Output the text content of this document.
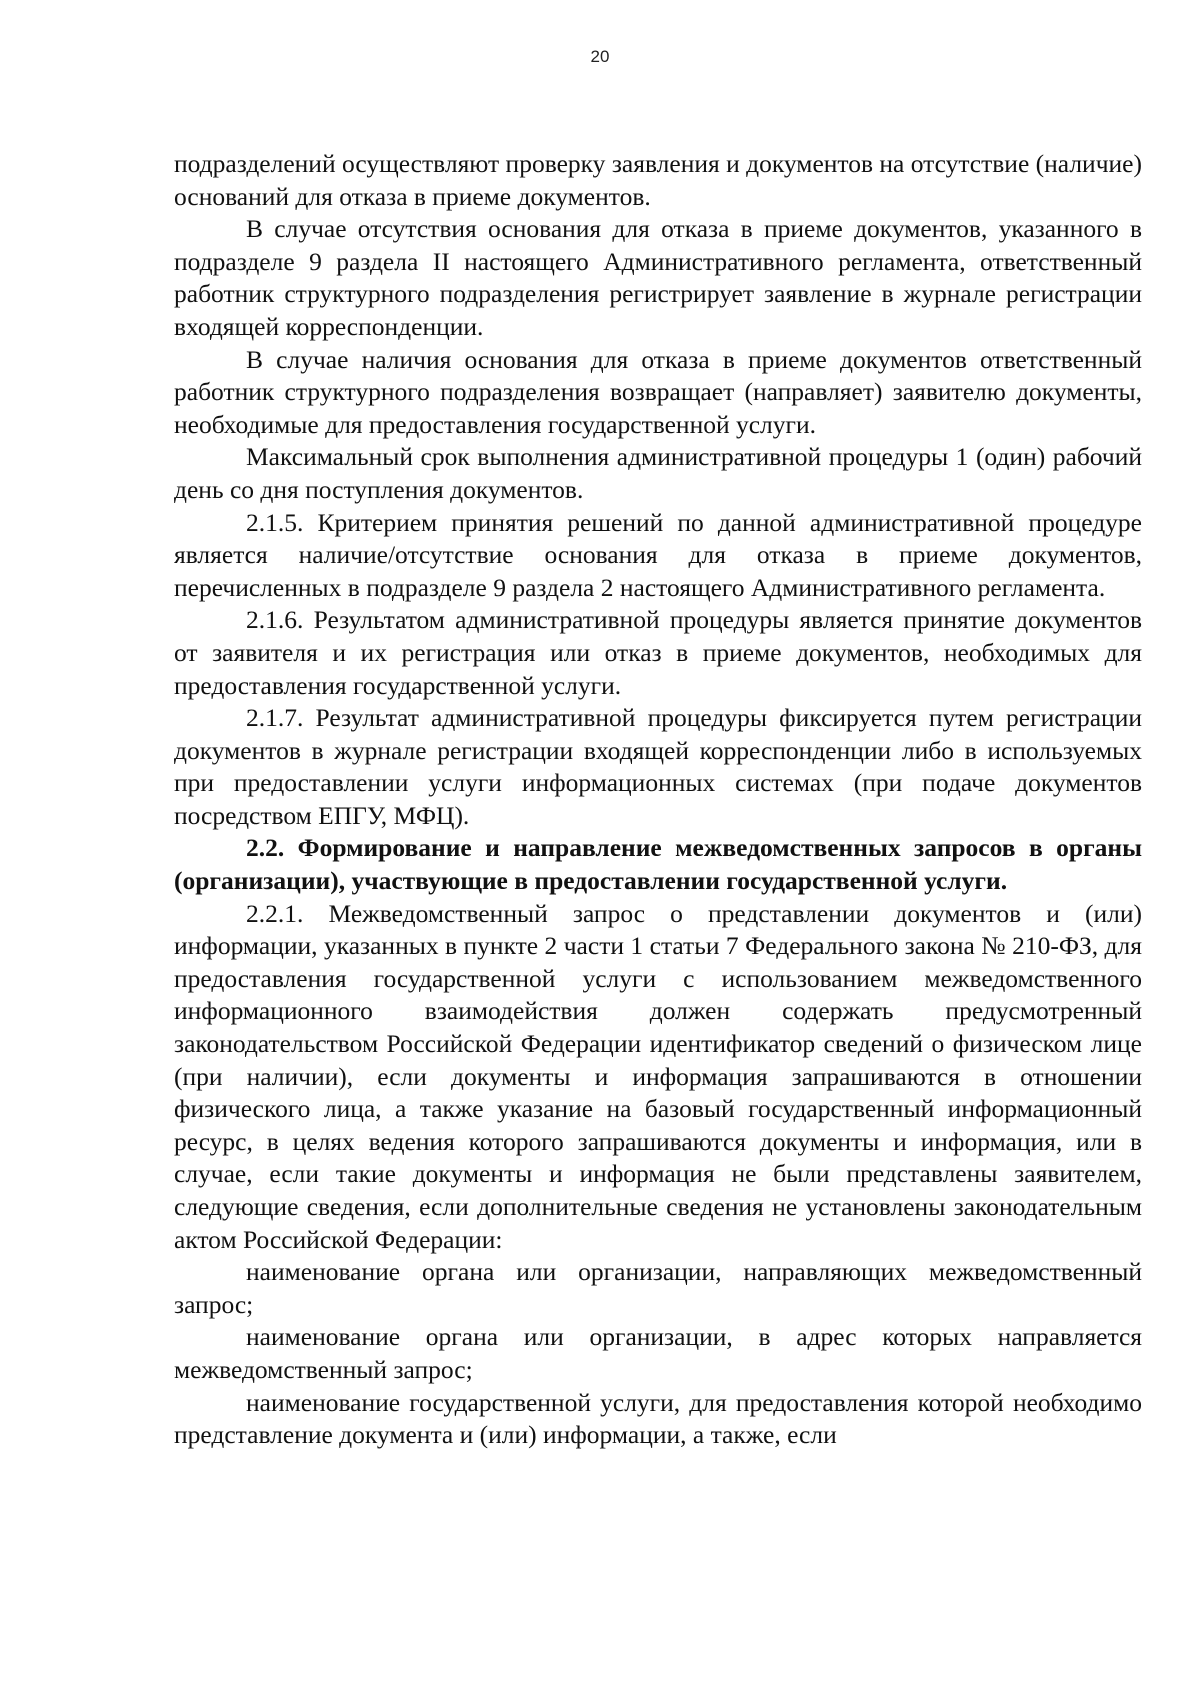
20

подразделений осуществляют проверку заявления и документов на отсутствие (наличие) оснований для отказа в приеме документов.

В случае отсутствия основания для отказа в приеме документов, указанного в подразделе 9 раздела II настоящего Административного регламента, ответственный работник структурного подразделения регистрирует заявление в журнале регистрации входящей корреспонденции.

В случае наличия основания для отказа в приеме документов ответственный работник структурного подразделения возвращает (направляет) заявителю документы, необходимые для предоставления государственной услуги.

Максимальный срок выполнения административной процедуры 1 (один) рабочий день со дня поступления документов.

2.1.5. Критерием принятия решений по данной административной процедуре является наличие/отсутствие основания для отказа в приеме документов, перечисленных в подразделе 9 раздела 2 настоящего Административного регламента.

2.1.6. Результатом административной процедуры является принятие документов от заявителя и их регистрация или отказ в приеме документов, необходимых для предоставления государственной услуги.

2.1.7. Результат административной процедуры фиксируется путем регистрации документов в журнале регистрации входящей корреспонденции либо в используемых при предоставлении услуги информационных системах (при подаче документов посредством ЕПГУ, МФЦ).

2.2. Формирование и направление межведомственных запросов в органы (организации), участвующие в предоставлении государственной услуги.

2.2.1. Межведомственный запрос о представлении документов и (или) информации, указанных в пункте 2 части 1 статьи 7 Федерального закона № 210-ФЗ, для предоставления государственной услуги с использованием межведомственного информационного взаимодействия должен содержать предусмотренный законодательством Российской Федерации идентификатор сведений о физическом лице (при наличии), если документы и информация запрашиваются в отношении физического лица, а также указание на базовый государственный информационный ресурс, в целях ведения которого запрашиваются документы и информация, или в случае, если такие документы и информация не были представлены заявителем, следующие сведения, если дополнительные сведения не установлены законодательным актом Российской Федерации:

наименование органа или организации, направляющих межведомственный запрос;

наименование органа или организации, в адрес которых направляется межведомственный запрос;

наименование государственной услуги, для предоставления которой необходимо представление документа и (или) информации, а также, если
